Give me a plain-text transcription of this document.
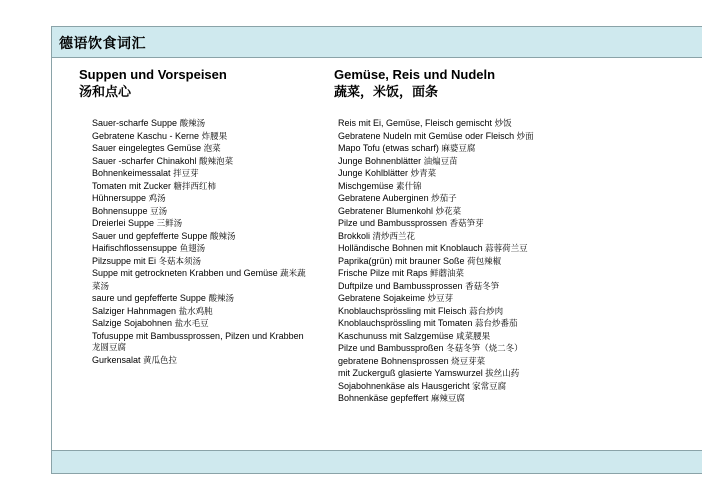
德语饮食词汇
Suppen und Vorspeisen
汤和点心
Sauer-scharfe Suppe 酸辣汤
Gebratene Kaschu - Kerne 炸腰果
Sauer eingelegtes Gemüse 泡菜
Sauer -scharfer Chinakohl 酸辣泡菜
Bohnenkeimessalat 拌豆芽
Tomaten mit Zucker 糖拌西红柿
Hühnersuppe 鸡汤
Bohnensuppe 豆汤
Dreierlei Suppe 三鲜汤
Sauer und gepfefferte Suppe 酸辣汤
Haifischflossensuppe 鱼翅汤
Pilzsuppe mit Ei 冬菇本须汤
Suppe mit getrockneten Krabben und Gemüse 蔬米蔬菜汤
saure und gepfefferte Suppe 酸辣汤
Salziger Hahnmagen 盐水鸡肫
Salzige Sojabohnen 盐水毛豆
Tofusuppe mit Bambussprossen, Pilzen und Krabben 龙圆豆腐
Gurkensalat 黄瓜色拉
Gemüse, Reis und Nudeln
蔬菜，米饭，面条
Reis mit Ei, Gemüse, Fleisch gemischt 炒饭
Gebratene Nudeln mit Gemüse oder Fleisch 炒面
Mapo Tofu (etwas scharf) 麻婆豆腐
Junge Bohnenblätter 油煸豆苗
Junge Kohlblätter 炒青菜
Mischgemüse 素什锦
Gebratene Auberginen 炒茄子
Gebratener Blumenkohl 炒花菜
Pilze und Bambussprossen 香菇笋芽
Brokkoli 清炒西兰花
Holländische Bohnen mit Knoblauch 蒜蓉荷兰豆
Paprika(grün) mit brauner Soße 荷包辣椒
Frische Pilze mit Raps 鲜蘑油菜
Duftpilze und Bambussprossen 香菇冬笋
Gebratene Sojakeime 炒豆芽
Knoblauchsprössling mit Fleisch 蒜台炒肉
Knoblauchsprössling mit Tomaten 蒜台炒番茄
Kaschunuss mit Salzgemüse 咸菜腰果
Pilze und Bambussproßen 冬菇冬笋（烧二冬）
gebratene Bohnensprossen 烧豆芽菜
mit Zuckerguß glasierte Yamswurzel 拔丝山药
Sojabohnenkäse als Hausgericht 家常豆腐
Bohnenkäse gepfeffert 麻辣豆腐
